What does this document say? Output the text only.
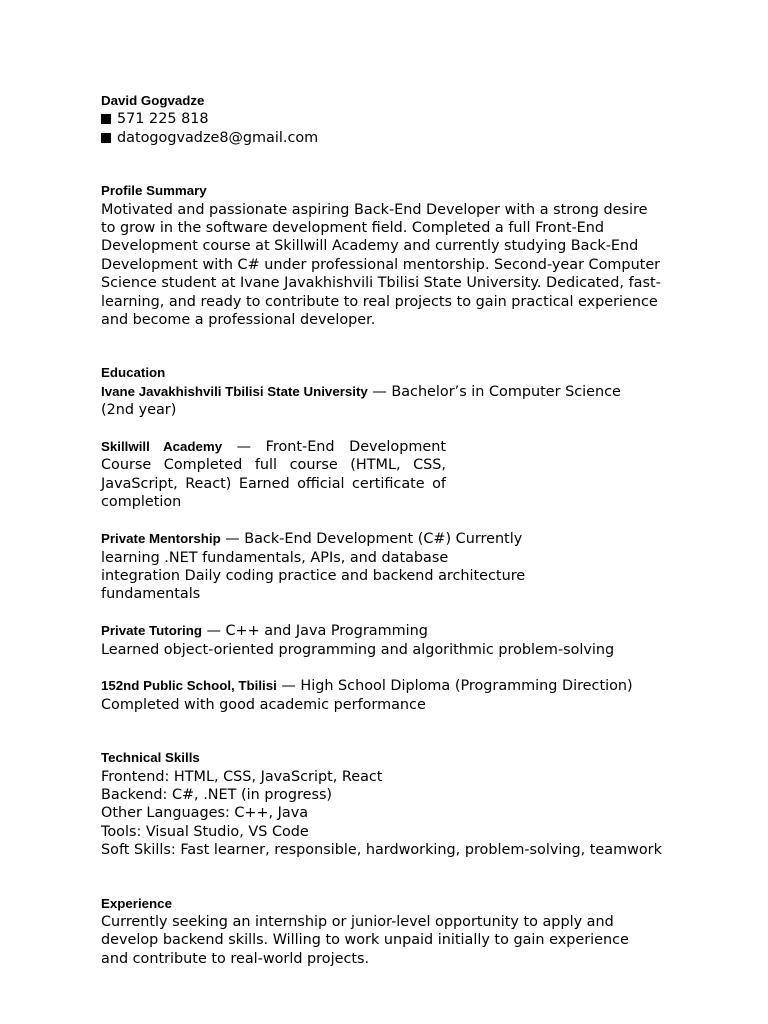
David Gogvadze
571 225 818
datogogvadze8@gmail.com
Profile Summary
Motivated and passionate aspiring Back-End Developer with a strong desire to grow in the software development field. Completed a full Front-End Development course at Skillwill Academy and currently studying Back-End Development with C# under professional mentorship. Second-year Computer Science student at Ivane Javakhishvili Tbilisi State University. Dedicated, fast-learning, and ready to contribute to real projects to gain practical experience and become a professional developer.
Education
Ivane Javakhishvili Tbilisi State University — Bachelor’s in Computer Science (2nd year)
Skillwill Academy — Front-End Development Course Completed full course (HTML, CSS, JavaScript, React) Earned official certificate of completion
Private Mentorship — Back-End Development (C#) Currently learning .NET fundamentals, APIs, and database integration Daily coding practice and backend architecture fundamentals
Private Tutoring — C++ and Java Programming
Learned object-oriented programming and algorithmic problem-solving
152nd Public School, Tbilisi — High School Diploma (Programming Direction)
Completed with good academic performance
Technical Skills
Frontend: HTML, CSS, JavaScript, React
Backend: C#, .NET (in progress)
Other Languages: C++, Java
Tools: Visual Studio, VS Code
Soft Skills: Fast learner, responsible, hardworking, problem-solving, teamwork
Experience
Currently seeking an internship or junior-level opportunity to apply and develop backend skills. Willing to work unpaid initially to gain experience and contribute to real-world projects.
